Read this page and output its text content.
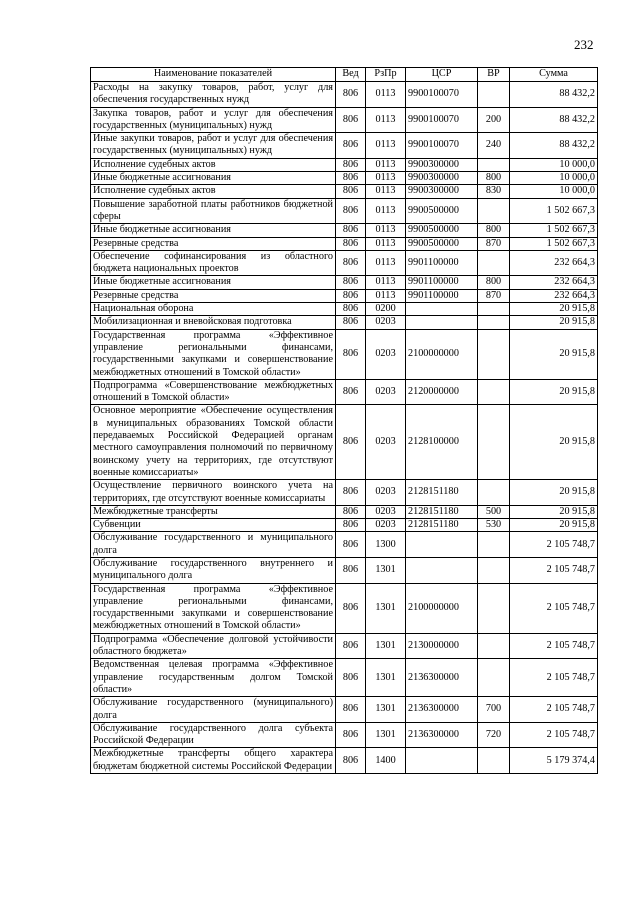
232
Наименование показателей	Вед	РзПр	ЦСР	ВР	Сумма
Расходы на закупку товаров, работ, услуг для обеспечения государственных нужд	806	0113	9900100070		88 432,2
Закупка товаров, работ и услуг для обеспечения государственных (муниципальных) нужд	806	0113	9900100070	200	88 432,2
Иные закупки товаров, работ и услуг для обеспечения государственных (муниципальных) нужд	806	0113	9900100070	240	88 432,2
Исполнение судебных актов	806	0113	9900300000		10 000,0
Иные бюджетные ассигнования	806	0113	9900300000	800	10 000,0
Исполнение судебных актов	806	0113	9900300000	830	10 000,0
Повышение заработной платы работников бюджетной сферы	806	0113	9900500000		1 502 667,3
Иные бюджетные ассигнования	806	0113	9900500000	800	1 502 667,3
Резервные средства	806	0113	9900500000	870	1 502 667,3
Обеспечение софинансирования из областного бюджета национальных проектов	806	0113	9901100000		232 664,3
Иные бюджетные ассигнования	806	0113	9901100000	800	232 664,3
Резервные средства	806	0113	9901100000	870	232 664,3
Национальная оборона	806	0200			20 915,8
Мобилизационная и вневойсковая подготовка	806	0203			20 915,8
Государственная программа «Эффективное управление региональными финансами, государственными закупками и совершенствование межбюджетных отношений в Томской области»	806	0203	2100000000		20 915,8
Подпрограмма «Совершенствование межбюджетных отношений в Томской области»	806	0203	2120000000		20 915,8
Основное мероприятие «Обеспечение осуществления в муниципальных образованиях Томской области передаваемых Российской Федерацией органам местного самоуправления полномочий по первичному воинскому учету на территориях, где отсутствуют военные комиссариаты»	806	0203	2128100000		20 915,8
Осуществление первичного воинского учета на территориях, где отсутствуют военные комиссариаты	806	0203	2128151180		20 915,8
Межбюджетные трансферты	806	0203	2128151180	500	20 915,8
Субвенции	806	0203	2128151180	530	20 915,8
Обслуживание государственного и муниципального долга	806	1300			2 105 748,7
Обслуживание государственного внутреннего и муниципального долга	806	1301			2 105 748,7
Государственная программа «Эффективное управление региональными финансами, государственными закупками и совершенствование межбюджетных отношений в Томской области»	806	1301	2100000000		2 105 748,7
Подпрограмма «Обеспечение долговой устойчивости областного бюджета»	806	1301	2130000000		2 105 748,7
Ведомственная целевая программа «Эффективное управление государственным долгом Томской области»	806	1301	2136300000		2 105 748,7
Обслуживание государственного (муниципального) долга	806	1301	2136300000	700	2 105 748,7
Обслуживание государственного долга субъекта Российской Федерации	806	1301	2136300000	720	2 105 748,7
Межбюджетные трансферты общего характера бюджетам бюджетной системы Российской Федерации	806	1400			5 179 374,4
